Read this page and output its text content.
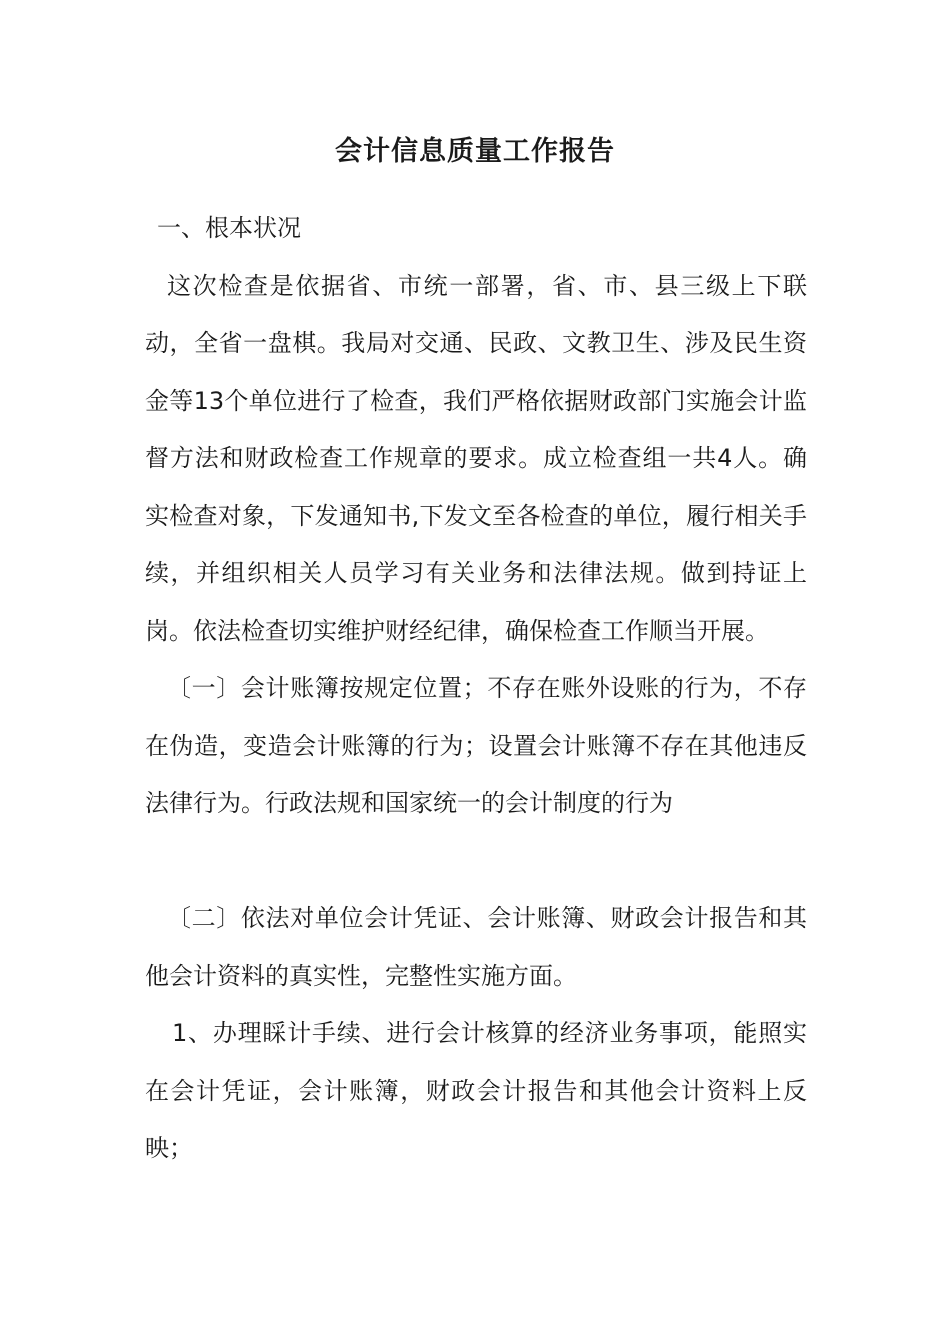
会计信息质量工作报告

一、根本状况

这次检查是依据省、市统一部署，省、市、县三级上下联动，全省一盘棋。我局对交通、民政、文教卫生、涉及民生资金等13个单位进行了检查，我们严格依据财政部门实施会计监督方法和财政检查工作规章的要求。成立检查组一共4人。确实检查对象，下发通知书,下发文至各检查的单位，履行相关手续，并组织相关人员学习有关业务和法律法规。做到持证上岗。依法检查切实维护财经纪律，确保检查工作顺当开展。

〔一〕会计账簿按规定位置；不存在账外设账的行为，不存在伪造，变造会计账簿的行为；设置会计账簿不存在其他违反法律行为。行政法规和国家统一的会计制度的行为

〔二〕依法对单位会计凭证、会计账簿、财政会计报告和其他会计资料的真实性，完整性实施方面。

1、办理睬计手续、进行会计核算的经济业务事项，能照实在会计凭证，会计账簿，财政会计报告和其他会计资料上反映；
